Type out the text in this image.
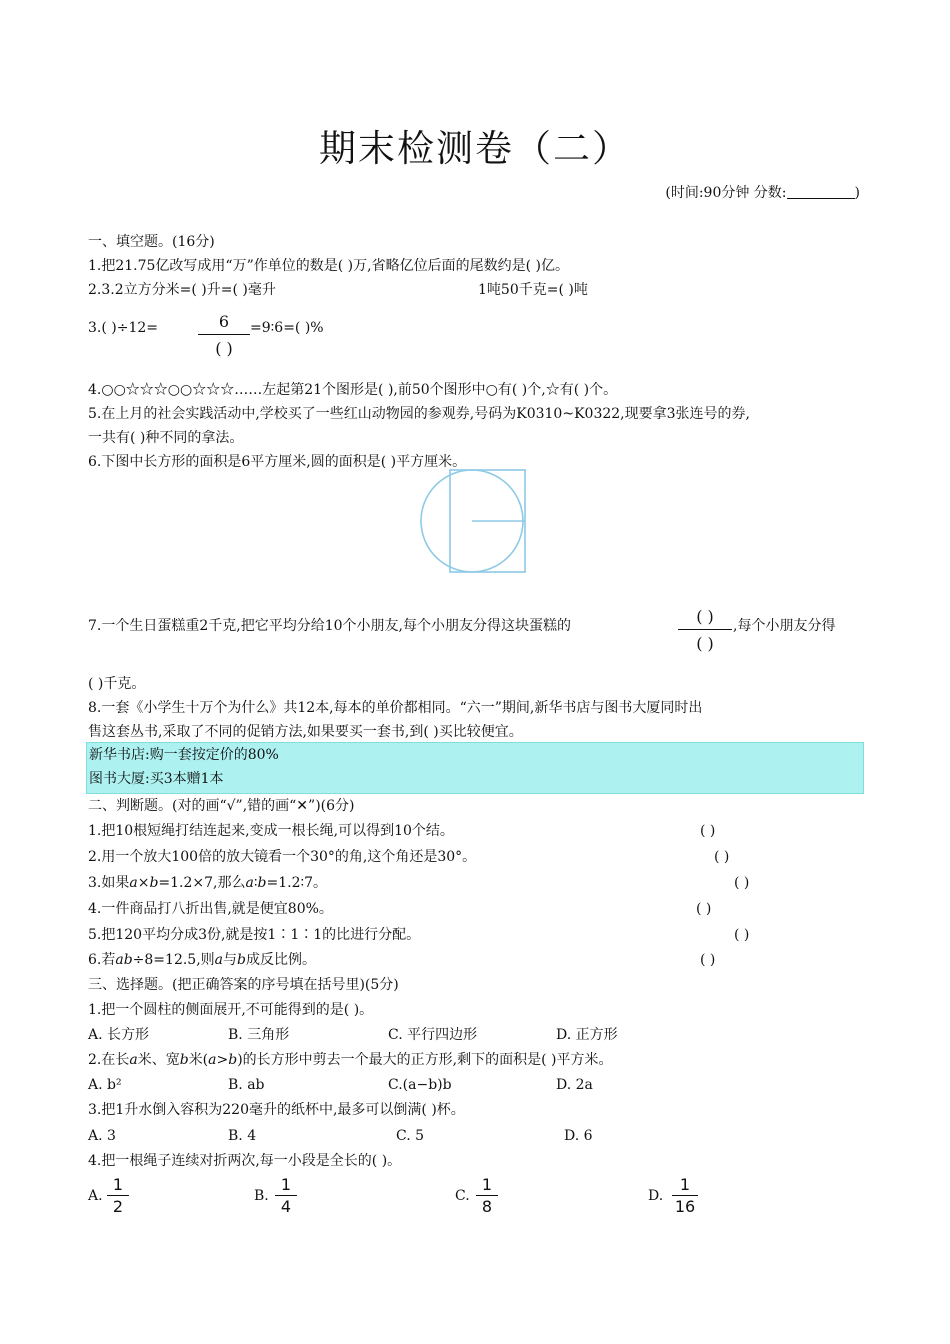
期末检测卷（二）
(时间:90分钟 分数:	)
一、填空题。(16分)
1.把21.75亿改写成用“万”作单位的数是( )万,省略亿位后面的尾数约是( )亿。
2.3.2立方分米=( )升=( )毫升	1吨50千克=( )吨
3.( )÷12=	6
( )
=9∶6=( )%
4.○○☆☆☆○○☆☆☆……左起第21个图形是( ),前50个图形中○有( )个,☆有( )个。
5.在上月的社会实践活动中,学校买了一些红山动物园的参观券,号码为K0310~K0322,现要拿3张连号的券,
一共有( )种不同的拿法。
6.下图中长方形的面积是6平方厘米,圆的面积是( )平方厘米。
7.一个生日蛋糕重2千克,把它平均分给10个小朋友,每个小朋友分得这块蛋糕的	( )
( )
,每个小朋友分得
( )千克。
8.一套《小学生十万个为什么》共12本,每本的单价都相同。“六一”期间,新华书店与图书大厦同时出
售这套丛书,采取了不同的促销方法,如果要买一套书,到( )买比较便宜。
新华书店:购一套按定价的80%
图书大厦:买3本赠1本
二、判断题。(对的画“√”,错的画“✕”)(6分)
1.把10根短绳打结连起来,变成一根长绳,可以得到10个结。	( )
2.用一个放大100倍的放大镜看一个30°的角,这个角还是30°。	( )
3.如果a×b=1.2×7,那么a∶b=1.2∶7。	( )
4.一件商品打八折出售,就是便宜80%。	( )
5.把120平均分成3份,就是按1∶1∶1的比进行分配。	( )
6.若ab÷8=12.5,则a与b成反比例。	( )
三、选择题。(把正确答案的序号填在括号里)(5分)
1.把一个圆柱的侧面展开,不可能得到的是( )。
A. 长方形	B. 三角形	C. 平行四边形	D. 正方形
2.在长a米、宽b米(a>b)的长方形中剪去一个最大的正方形,剩下的面积是( )平方米。
A. b²	B. ab	C.(a−b)b	D. 2a
3.把1升水倒入容积为220毫升的纸杯中,最多可以倒满( )杯。
A. 3	B. 4	C. 5	D. 6
4.把一根绳子连续对折两次,每一小段是全长的( )。
A. $\frac{1}{2}$	B. $\frac{1}{4}$	C. $\frac{1}{8}$	D. $\frac{1}{16}$
